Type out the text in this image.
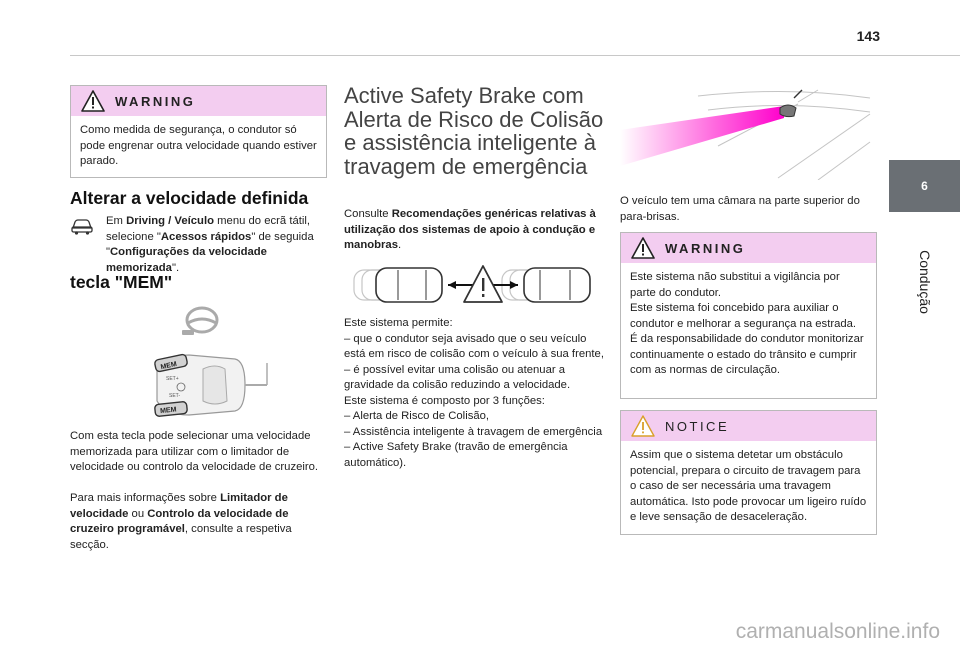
143
6
Condução
WARNING
Como medida de segurança, o condutor só pode engrenar outra velocidade quando estiver parado.
Alterar a velocidade definida
Em Driving / Veículo menu do ecrã tátil, selecione "Acessos rápidos" de seguida "Configurações da velocidade memorizada".
tecla "MEM"
MEM
MEM
SET+
SET-
Com esta tecla pode selecionar uma velocidade memorizada para utilizar com o limitador de velocidade ou controlo da velocidade de cruzeiro.
Para mais informações sobre Limitador de velocidade ou Controlo da velocidade de cruzeiro programável, consulte a respetiva secção.
Active Safety Brake com Alerta de Risco de Colisão e assistência inteligente à travagem de emergência
Consulte Recomendações genéricas relativas à utilização dos sistemas de apoio à condução e manobras.
Este sistema permite:
– que o condutor seja avisado que o seu veículo está em risco de colisão com o veículo à sua frente,
– é possível evitar uma colisão ou atenuar a gravidade da colisão reduzindo a velocidade.
Este sistema é composto por 3 funções:
– Alerta de Risco de Colisão,
– Assistência inteligente à travagem de emergência
– Active Safety Brake (travão de emergência automático).
O veículo tem uma câmara na parte superior do para-brisas.
WARNING
Este sistema não substitui a vigilância por parte do condutor.
Este sistema foi concebido para auxiliar o condutor e melhorar a segurança na estrada.
É da responsabilidade do condutor monitorizar continuamente o estado do trânsito e cumprir com as normas de circulação.
NOTICE
Assim que o sistema detetar um obstáculo potencial, prepara o circuito de travagem para o caso de ser necessária uma travagem automática. Isto pode provocar um ligeiro ruído e leve sensação de desaceleração.
carmanualsonline.info
